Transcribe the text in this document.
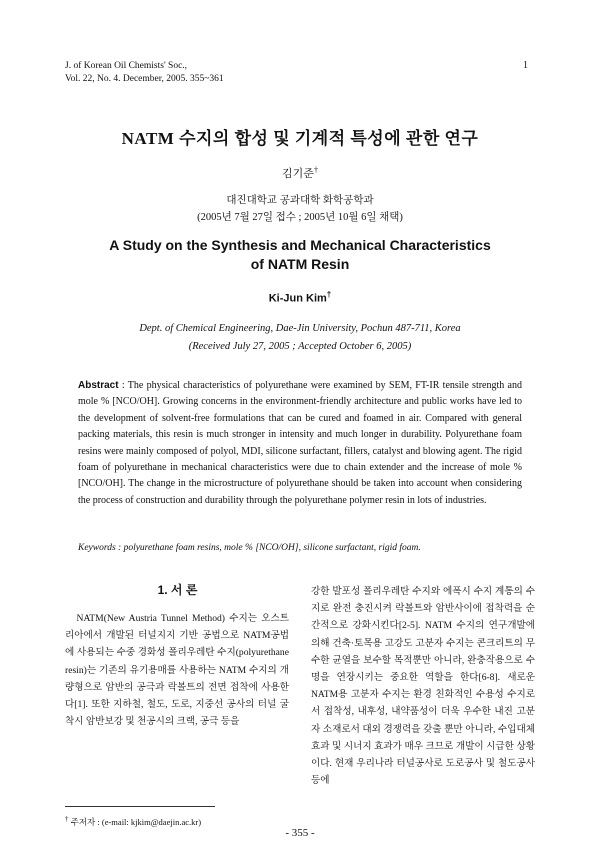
J. of Korean Oil Chemists' Soc.,
Vol. 22, No. 4. December, 2005. 355~361
1
NATM 수지의 합성 및 기계적 특성에 관한 연구
김기준†
대진대학교 공과대학 화학공학과
(2005년 7월 27일 접수 ; 2005년 10월 6일 채택)
A Study on the Synthesis and Mechanical Characteristics
of NATM Resin
Ki-Jun Kim†
Dept. of Chemical Engineering, Dae-Jin University, Pochun 487-711, Korea
(Received July 27, 2005 ; Accepted October 6, 2005)
Abstract : The physical characteristics of polyurethane were examined by SEM, FT-IR tensile strength and mole % [NCO/OH]. Growing concerns in the environment-friendly architecture and public works have led to the development of solvent-free formulations that can be cured and foamed in air. Compared with general packing materials, this resin is much stronger in intensity and much longer in durability. Polyurethane foam resins were mainly composed of polyol, MDI, silicone surfactant, fillers, catalyst and blowing agent. The rigid foam of polyurethane in mechanical characteristics were due to chain extender and the increase of mole % [NCO/OH]. The change in the microstructure of polyurethane should be taken into account when considering the process of construction and durability through the polyurethane polymer resin in lots of industries.
Keywords : polyurethane foam resins, mole % [NCO/OH], silicone surfactant, rigid foam.
1. 서 론

NATM(New Austria Tunnel Method) 수지는 오스트리아에서 개발된 터널지지 기반 공법으로 NATM공법에 사용되는 수중 경화성 폴리우레탄 수지(polyurethane resin)는 기존의 유기용매를 사용하는 NATM 수지의 개량형으로 암반의 공극과 락볼트의 전면 접착에 사용한다[1]. 또한 지하철, 철도, 도로, 지중선 공사의 터널 굴착시 암반보강 및 천공시의 크랙, 공극 등을

강한 발포성 폴리우레탄 수지와 에폭시 수지 계통의 수지로 완전 충진시켜 락볼트와 암반사이에 접착력을 순간적으로 강화시킨다[2-5]. NATM 수지의 연구개발에 의해 건축·토목용 고강도 고분자 수지는 콘크리트의 무수한 균열을 보수할 목적뿐만 아니라, 완충작용으로 수명을 연장시키는 중요한 역할을 한다[6-8]. 새로운 NATM용 고분자 수지는 환경 친화적인 수용성 수지로서 접착성, 내후성, 내약품성이 더욱 우수한 내진 고분자 소재로서 대외 경쟁력을 갖출 뿐만 아니라, 수입대체 효과 및 시너지 효과가 매우 크므로 개발이 시급한 상황이다. 현재 우리나라 터널공사로 도로공사 및 철도공사 등에

† 주저자 : (e-mail: kjkim@daejin.ac.kr)
- 355 -
